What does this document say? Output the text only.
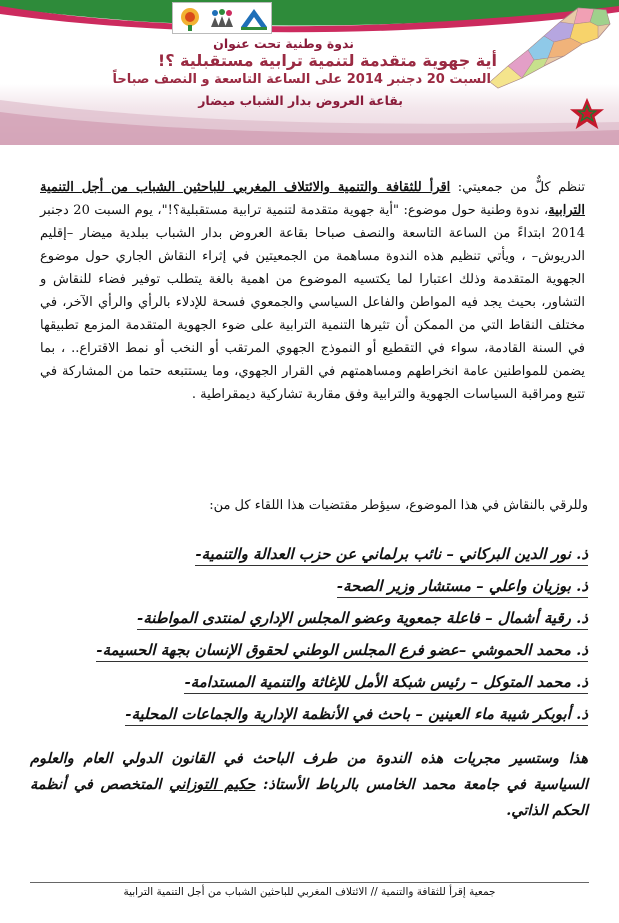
ندوة وطنية تحت عنوان
أية جهوية متقدمة لتنمية ترابية مستقبلية ؟!
السبت 20 دجنبر 2014 على الساعة التاسعة و النصف صباحاً
بقاعة العروض بدار الشباب ميضار

تنظم كلٌّ من جمعيتي: اقرأ للثقافة والتنمية والائتلاف المغربي للباحثين الشباب من أجل التنمية الترابية، ندوة وطنية حول موضوع: "أية جهوية متقدمة لتنمية ترابية مستقبلية؟!"، يوم السبت 20 دجنبر 2014 ابتداءً من الساعة التاسعة والنصف صباحا بقاعة العروض بدار الشباب ببلدية ميضار –إقليم الدريوش– ، ويأتي تنظيم هذه الندوة مساهمة من الجمعيتين في إثراء النقاش الجاري حول موضوع الجهوية المتقدمة وذلك اعتبارا لما يكتسيه الموضوع من اهمية بالغة يتطلب توفير فضاء للنقاش و التشاور، بحيث يجد فيه المواطن والفاعل السياسي والجمعوي فسحة للإدلاء بالرأي والرأي الآخر، في مختلف النقاط التي من الممكن أن تثيرها التنمية الترابية على ضوء الجهوية المتقدمة المزمع تطبيقها في السنة القادمة، سواء في التقطيع أو النموذج الجهوي المرتقب أو النخب أو نمط الاقتراع.. ، بما يضمن للمواطنين عامة انخراطهم ومساهمتهم في القرار الجهوي، وما يستتبعه حتما من المشاركة في تتبع ومراقبة السياسات الجهوية والترابية وفق مقاربة تشاركية ديمقراطية .

وللرقي بالنقاش في هذا الموضوع، سيؤطر مقتضيات هذا اللقاء كل من:
ذ. نور الدين البركاني – نائب برلماني عن حزب العدالة والتنمية-
ذ. بوزيان واعلي – مستشار وزير الصحة-
ذ. رقية أشمال – فاعلة جمعوية وعضو المجلس الإداري لمنتدى المواطنة-
ذ. محمد الحموشي –عضو فرع المجلس الوطني لحقوق الإنسان بجهة الحسيمة-
ذ. محمد المتوكل – رئيس شبكة الأمل للإغاثة والتنمية المستدامة-
ذ. أبوبكر شيبة ماء العينين – باحث في الأنظمة الإدارية والجماعات المحلية-
هذا وستسير مجريات هذه الندوة من طرف الباحث في القانون الدولي العام والعلوم السياسية في جامعة محمد الخامس بالرباط الأستاذ: حكيم التوزاني المتخصص في أنظمة الحكم الذاتي.
جمعية إقرأ للثقافة والتنمية // الائتلاف المغربي للباحثين الشباب من أجل التنمية الترابية
